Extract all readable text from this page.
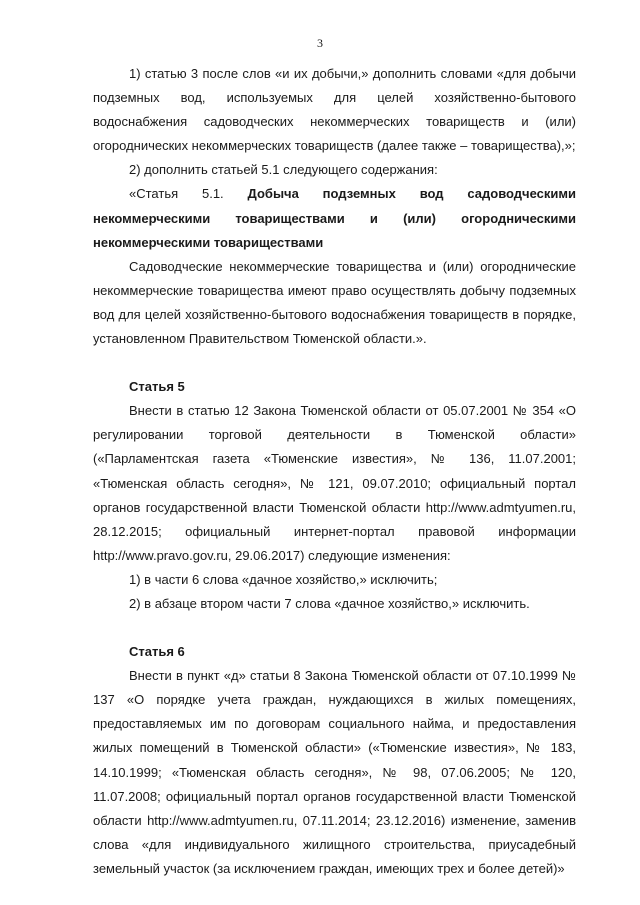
3

1) статью 3 после слов «и их добычи,» дополнить словами «для добычи подземных вод, используемых для целей хозяйственно-бытового водоснабжения садоводческих некоммерческих товариществ и (или) огороднических некоммерческих товариществ (далее также – товарищества),»;

2) дополнить статьей 5.1 следующего содержания:

«Статья 5.1. Добыча подземных вод садоводческими некоммерческими товариществами и (или) огородническими некоммерческими товариществами

Садоводческие некоммерческие товарищества и (или) огороднические некоммерческие товарищества имеют право осуществлять добычу подземных вод для целей хозяйственно-бытового водоснабжения товариществ в порядке, установленном Правительством Тюменской области.».

Статья 5

Внести в статью 12 Закона Тюменской области от 05.07.2001 № 354 «О регулировании торговой деятельности в Тюменской области» («Парламентская газета «Тюменские известия», № 136, 11.07.2001; «Тюменская область сегодня», № 121, 09.07.2010; официальный портал органов государственной власти Тюменской области http://www.admtyumen.ru, 28.12.2015; официальный интернет-портал правовой информации http://www.pravo.gov.ru, 29.06.2017) следующие изменения:

1) в части 6 слова «дачное хозяйство,» исключить;

2) в абзаце втором части 7 слова «дачное хозяйство,» исключить.

Статья 6

Внести в пункт «д» статьи 8 Закона Тюменской области от 07.10.1999 № 137 «О порядке учета граждан, нуждающихся в жилых помещениях, предоставляемых им по договорам социального найма, и предоставления жилых помещений в Тюменской области» («Тюменские известия», № 183, 14.10.1999; «Тюменская область сегодня», № 98, 07.06.2005; № 120, 11.07.2008; официальный портал органов государственной власти Тюменской области http://www.admtyumen.ru, 07.11.2014; 23.12.2016) изменение, заменив слова «для индивидуального жилищного строительства, приусадебный земельный участок (за исключением граждан, имеющих трех и более детей)»
